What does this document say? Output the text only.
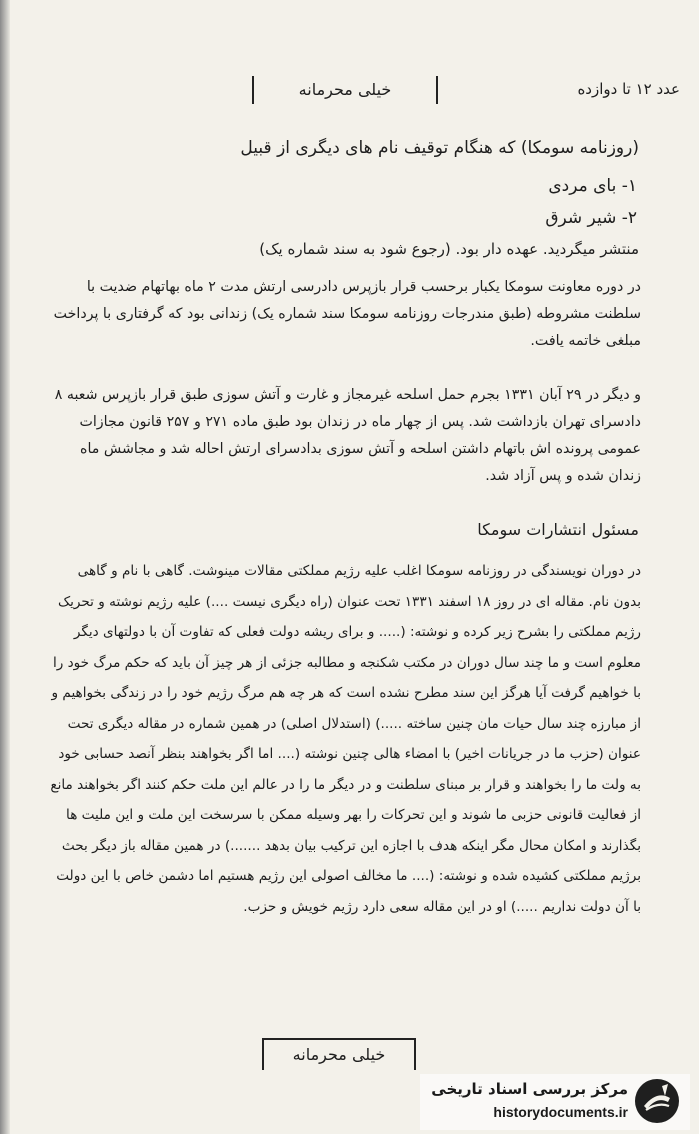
عدد ۱۲ تا دوازده
خیلی محرمانه
(روزنامه سومکا) که هنگام توقیف نام های دیگری از قبیل
۱- بای مردی
۲- شیر شرق
منتشر میگردید. عهده دار بود. (رجوع شود به سند شماره یک)
در دوره معاونت سومکا یکبار برحسب قرار بازپرس دادرسی ارتش مدت ۲ ماه بهاتهام ضدیت با سلطنت مشروطه (طبق مندرجات روزنامه سومکا سند شماره یک) زندانی بود که گرفتاری با پرداخت مبلغی خاتمه یافت.
و دیگر در ۲۹ آبان ۱۳۳۱ بجرم حمل اسلحه غیرمجاز و غارت و آتش سوزی طبق قرار بازپرس شعبه ۸ دادسرای تهران بازداشت شد. پس از چهار ماه در زندان بود طبق ماده ۲۷۱ و ۲۵۷ قانون مجازات عمومی پرونده اش باتهام داشتن اسلحه و آتش سوزی بدادسرای ارتش احاله شد و مجاشش ماه زندان شده و پس آزاد شد.
مسئول انتشارات سومکا
در دوران نویسندگی در روزنامه سومکا اغلب علیه رژیم مملکتی مقالات مینوشت. گاهی با نام و گاهی بدون نام. مقاله ای در روز ۱۸ اسفند ۱۳۳۱ تحت عنوان (راه دیگری نیست ....) علیه رژیم نوشته و تحریک رژیم مملکتی را بشرح زیر کرده و نوشته: (..... و برای ریشه دولت فعلی که تفاوت آن با دولتهای دیگر معلوم است و ما چند سال دوران در مکتب شکنجه و مطالبه جزئی از هر چیز آن باید که حکم مرگ خود را با خواهیم گرفت آیا هرگز این سند مطرح نشده است که هر چه هم مرگ رژیم خود را در زندگی بخواهیم و از مبارزه چند سال حیات مان چنین ساخته .....) (استدلال اصلی) در همین شماره در مقاله دیگری تحت عنوان (حزب ما در جریانات اخیر) با امضاء هالی چنین نوشته (.... اما اگر بخواهند بنظر آنصد حسابی خود به ولت ما را بخواهند و قرار بر مبنای سلطنت و در دیگر ما را در عالم این ملت حکم کنند اگر بخواهند مانع از فعالیت قانونی حزبی ما شوند و این تحرکات را بهر وسیله ممکن با سرسخت این ملت و این ملیت ها بگذارند و امکان محال مگر اینکه هدف با اجازه این ترکیب بیان بدهد .......) در همین مقاله باز دیگر بحث برژیم مملکتی کشیده شده و نوشته: (.... ما مخالف اصولی این رژیم هستیم اما دشمن خاص با این دولت با آن دولت نداریم .....) او در این مقاله سعی دارد رژیم خویش و حزب.
خیلی محرمانه
مرکز بررسی اسناد تاریخی
historydocuments.ir
